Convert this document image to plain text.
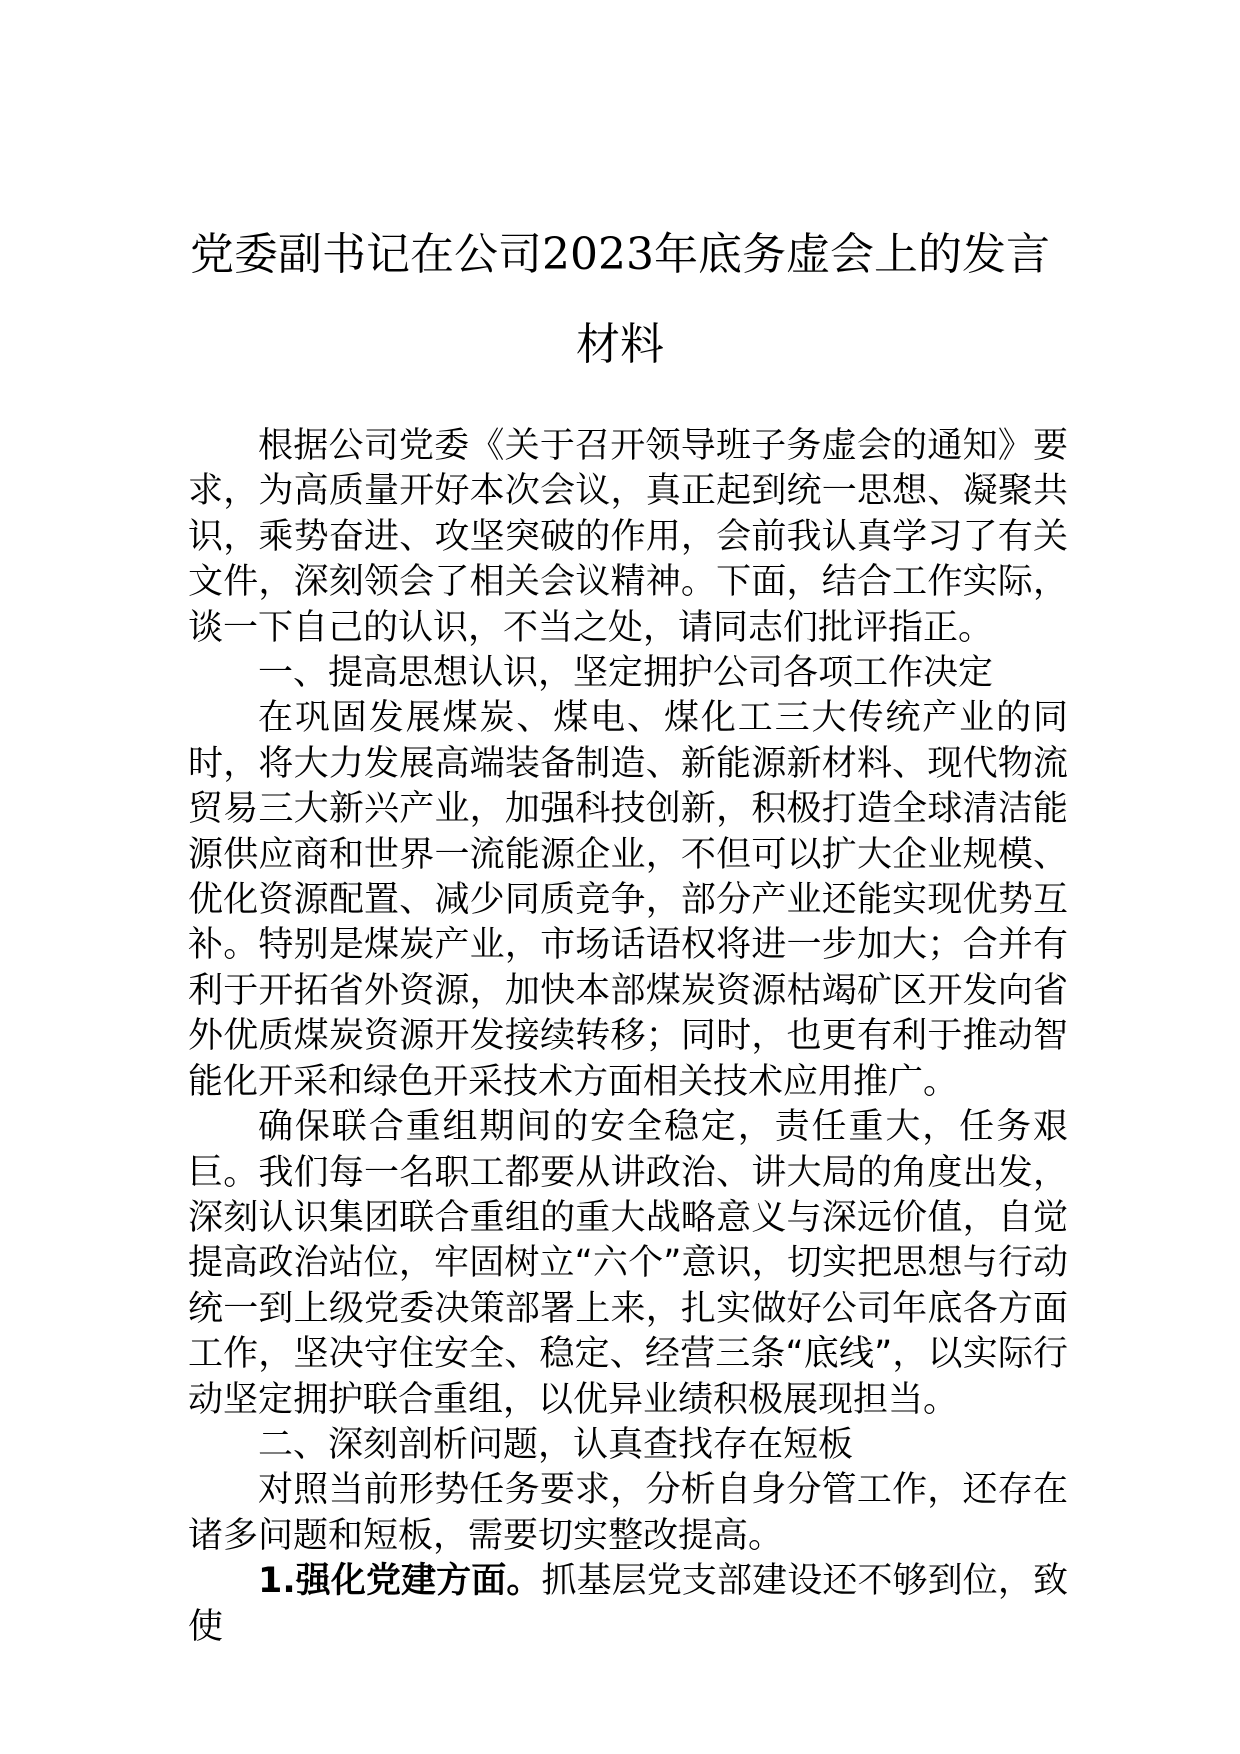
党委副书记在公司2023年底务虚会上的发言材料

根据公司党委《关于召开领导班子务虚会的通知》要求，为高质量开好本次会议，真正起到统一思想、凝聚共识，乘势奋进、攻坚突破的作用，会前我认真学习了有关文件，深刻领会了相关会议精神。下面，结合工作实际，谈一下自己的认识，不当之处，请同志们批评指正。

一、提高思想认识，坚定拥护公司各项工作决定

在巩固发展煤炭、煤电、煤化工三大传统产业的同时，将大力发展高端装备制造、新能源新材料、现代物流贸易三大新兴产业，加强科技创新，积极打造全球清洁能源供应商和世界一流能源企业，不但可以扩大企业规模、优化资源配置、减少同质竞争，部分产业还能实现优势互补。特别是煤炭产业，市场话语权将进一步加大；合并有利于开拓省外资源，加快本部煤炭资源枯竭矿区开发向省外优质煤炭资源开发接续转移；同时，也更有利于推动智能化开采和绿色开采技术方面相关技术应用推广。

确保联合重组期间的安全稳定，责任重大，任务艰巨。我们每一名职工都要从讲政治、讲大局的角度出发，深刻认识集团联合重组的重大战略意义与深远价值，自觉提高政治站位，牢固树立“六个”意识，切实把思想与行动统一到上级党委决策部署上来，扎实做好公司年底各方面工作，坚决守住安全、稳定、经营三条“底线”，以实际行动坚定拥护联合重组，以优异业绩积极展现担当。

二、深刻剖析问题，认真查找存在短板

对照当前形势任务要求，分析自身分管工作，还存在诸多问题和短板，需要切实整改提高。

1.强化党建方面。抓基层党支部建设还不够到位，致使
